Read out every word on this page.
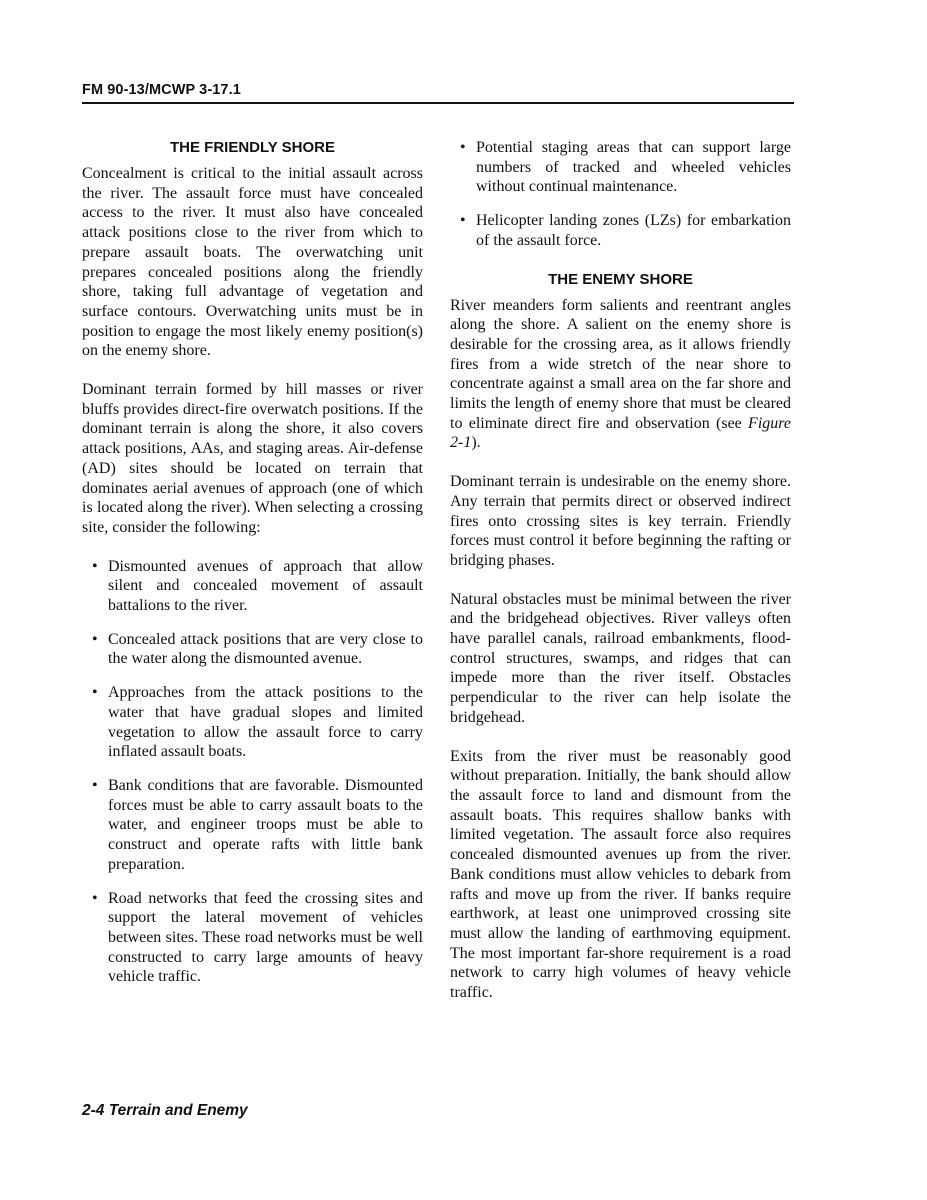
FM 90-13/MCWP 3-17.1
THE FRIENDLY SHORE

Concealment is critical to the initial assault across the river. The assault force must have concealed access to the river. It must also have concealed attack positions close to the river from which to prepare assault boats. The overwatching unit prepares concealed positions along the friendly shore, taking full advantage of vegetation and surface contours. Overwatching units must be in position to engage the most likely enemy position(s) on the enemy shore.

Dominant terrain formed by hill masses or river bluffs provides direct-fire overwatch positions. If the dominant terrain is along the shore, it also covers attack positions, AAs, and staging areas. Air-defense (AD) sites should be located on terrain that dominates aerial avenues of approach (one of which is located along the river). When selecting a crossing site, consider the following:

• Dismounted avenues of approach that allow silent and concealed movement of assault battalions to the river.
• Concealed attack positions that are very close to the water along the dismounted avenue.
• Approaches from the attack positions to the water that have gradual slopes and limited vegetation to allow the assault force to carry inflated assault boats.
• Bank conditions that are favorable. Dismounted forces must be able to carry assault boats to the water, and engineer troops must be able to construct and operate rafts with little bank preparation.
• Road networks that feed the crossing sites and support the lateral movement of vehicles between sites. These road networks must be well constructed to carry large amounts of heavy vehicle traffic.
• Potential staging areas that can support large numbers of tracked and wheeled vehicles without continual maintenance.
• Helicopter landing zones (LZs) for embarkation of the assault force.
THE ENEMY SHORE

River meanders form salients and reentrant angles along the shore. A salient on the enemy shore is desirable for the crossing area, as it allows friendly fires from a wide stretch of the near shore to concentrate against a small area on the far shore and limits the length of enemy shore that must be cleared to eliminate direct fire and observation (see Figure 2-1).

Dominant terrain is undesirable on the enemy shore. Any terrain that permits direct or observed indirect fires onto crossing sites is key terrain. Friendly forces must control it before beginning the rafting or bridging phases.

Natural obstacles must be minimal between the river and the bridgehead objectives. River valleys often have parallel canals, railroad embankments, flood-control structures, swamps, and ridges that can impede more than the river itself. Obstacles perpendicular to the river can help isolate the bridgehead.

Exits from the river must be reasonably good without preparation. Initially, the bank should allow the assault force to land and dismount from the assault boats. This requires shallow banks with limited vegetation. The assault force also requires concealed dismounted avenues up from the river. Bank conditions must allow vehicles to debark from rafts and move up from the river. If banks require earthwork, at least one unimproved crossing site must allow the landing of earthmoving equipment. The most important far-shore requirement is a road network to carry high volumes of heavy vehicle traffic.

2-4 Terrain and Enemy
